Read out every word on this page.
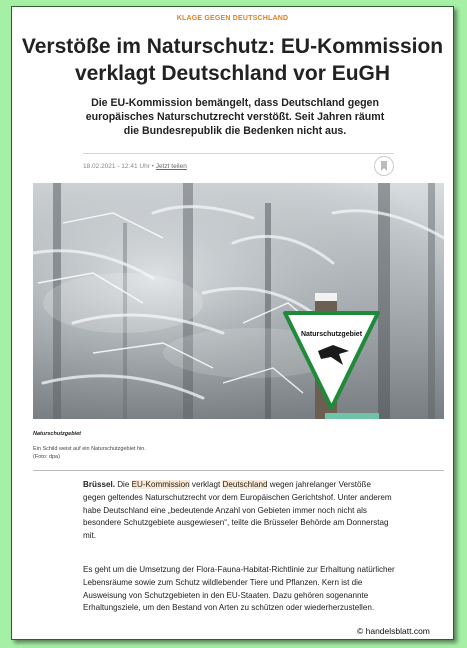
KLAGE GEGEN DEUTSCHLAND
Verstöße im Naturschutz: EU-Kommission
verklagt Deutschland vor EuGH

Die EU-Kommission bemängelt, dass Deutschland gegen
europäisches Naturschutzrecht verstößt. Seit Jahren räumt
die Bundesrepublik die Bedenken nicht aus.

18.02.2021 - 12:41 Uhr • Jetzt teilen
Naturschutzgebiet
Naturschutzgebiet
Ein Schild weist auf ein Naturschutzgebiet hin.
(Foto: dpa)

Brüssel. Die EU-Kommission verklagt Deutschland wegen jahrelanger Verstöße gegen geltendes Naturschutzrecht vor dem Europäischen Gerichtshof. Unter anderem habe Deutschland eine „bedeutende Anzahl von Gebieten immer noch nicht als besondere Schutzgebiete ausgewiesen“, teilte die Brüsseler Behörde am Donnerstag mit.

Es geht um die Umsetzung der Flora-Fauna-Habitat-Richtlinie zur Erhaltung natürlicher Lebensräume sowie zum Schutz wildlebender Tiere und Pflanzen. Kern ist die Ausweisung von Schutzgebieten in den EU-Staaten. Dazu gehören sogenannte Erhaltungsziele, um den Bestand von Arten zu schützen oder wiederherzustellen.

© handelsblatt.com
